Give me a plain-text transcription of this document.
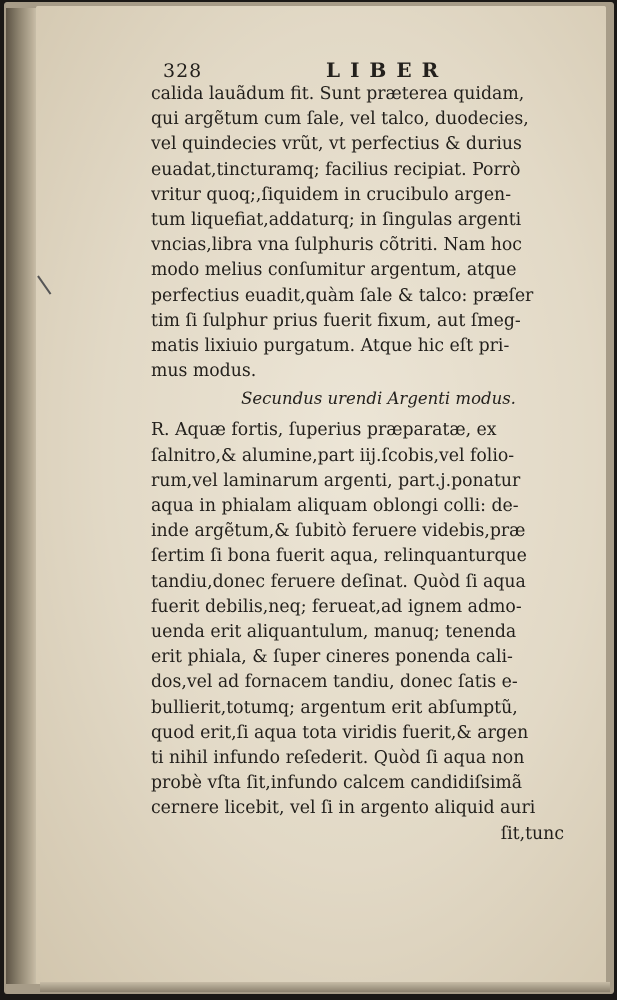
328	LIBER
calida lauãdum fit. Sunt præterea quidam,
qui argẽtum cum ſale, vel talco, duodecies,
vel quindecies vrũt, vt perfectius & durius
euadat,tincturamq; facilius recipiat. Porrò
vritur quoq;,ſiquidem in crucibulo argen-
tum liquefiat,addaturq; in ſingulas argenti
vncias,libra vna ſulphuris cõtriti. Nam hoc
modo melius conſumitur argentum, atque
perfectius euadit,quàm ſale & talco: præſer
tim ſi ſulphur prius fuerit fixum, aut ſmeg-
matis lixiuio purgatum. Atque hic eſt pri-
mus modus.
Secundus urendi Argenti modus.
R. Aquæ fortis, ſuperius præparatæ, ex
ſalnitro,& alumine,part iij.ſcobis,vel folio-
rum,vel laminarum argenti, part.j.ponatur
aqua in phialam aliquam oblongi colli: de-
inde argẽtum,& ſubitò feruere videbis,præ
ſertim ſi bona fuerit aqua, relinquanturque
tandiu,donec feruere deſinat. Quòd ſi aqua
fuerit debilis,neq; ferueat,ad ignem admo-
uenda erit aliquantulum, manuq; tenenda
erit phiala, & ſuper cineres ponenda cali-
dos,vel ad fornacem tandiu, donec ſatis e-
bullierit,totumq; argentum erit abſumptũ,
quod erit,ſi aqua tota viridis fuerit,& argen
ti nihil infundo reſederit. Quòd ſi aqua non
probè vſta ſit,infundo calcem candidiſsimã
cernere licebit, vel ſi in argento aliquid auri
ſit,tunc
